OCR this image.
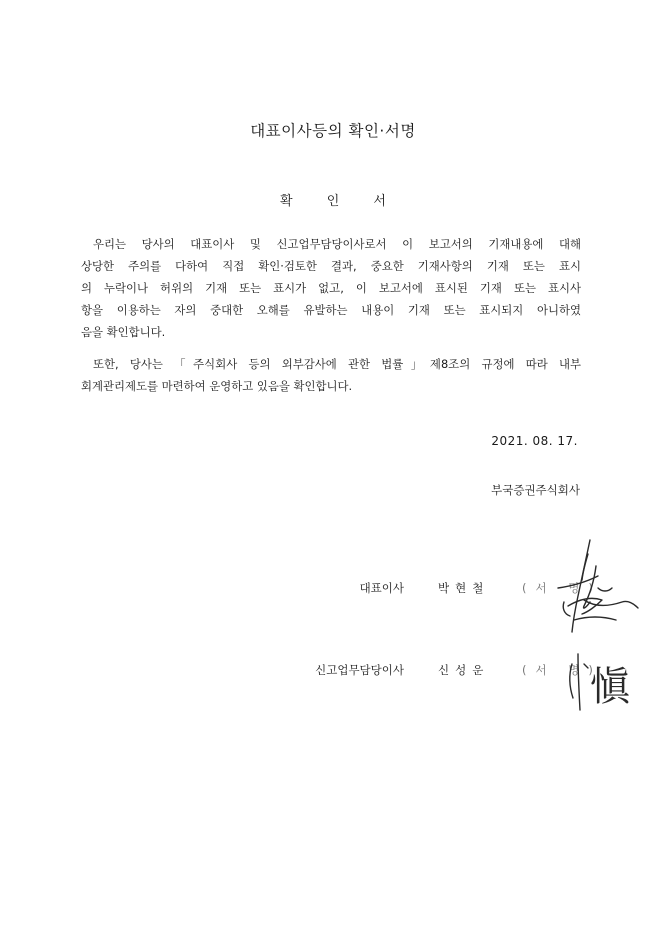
대표이사등의 확인·서명
확 인 서

우리는 당사의 대표이사 및 신고업무담당이사로서 이 보고서의 기재내용에 대해
상당한 주의를 다하여 직접 확인·검토한 결과, 중요한 기재사항의 기재 또는 표시
의 누락이나 허위의 기재 또는 표시가 없고, 이 보고서에 표시된 기재 또는 표시사
항을 이용하는 자의 중대한 오해를 유발하는 내용이 기재 또는 표시되지 아니하였
음을 확인합니다.

또한, 당사는 「주식회사 등의 외부감사에 관한 법률」제8조의 규정에 따라 내부
회계관리제도를 마련하여 운영하고 있음을 확인합니다.

2021. 08. 17.
부국증권주식회사
대표이사	박현철	(서 명)
신고업무담당이사	신성운	(서 명)
愼
